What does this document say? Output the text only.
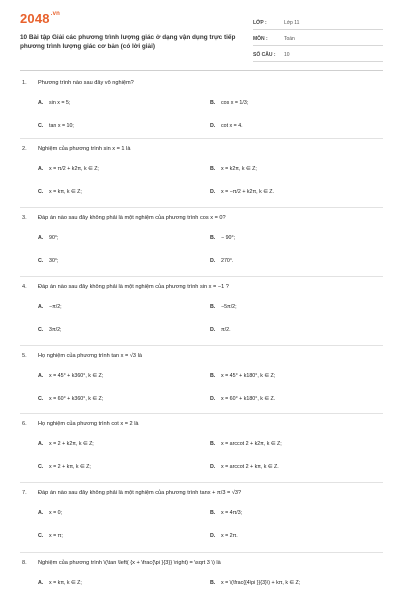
$2048^{.vn}$
10 Bài tập Giải các phương trình lượng giác ở dạng vận dụng trực tiếp phương trình lượng giác cơ bản (có lời giải)
LỚP :	Lớp 11
MÔN :	Toán
SỐ CÂU : 10
1. Phương trình nào sau đây vô nghiệm?
A. sin x = 5;	B. cos x = 1/3;
C. tan x = 10;	D. cot x = 4.
2. Nghiệm của phương trình sin x = 1 là
A. x = π/2 + k2π, k ∈ Z;	B. x = k2π, k ∈ Z;
C. x = kπ, k ∈ Z;	D. x = −π/2 + k2π, k ∈ Z.
3. Đáp án nào sau đây không phải là một nghiệm của phương trình cos x = 0?
A. 90°;	B. − 90°;
C. 30°;	D. 270°.
4. Đáp án nào sau đây không phải là một nghiệm của phương trình sin x = −1 ?
A. −π/2;	B. −5π/2;
C. 3π/2;	D. π/2.
5. Họ nghiệm của phương trình tan x = √3 là
A. x = 45° + k360°, k ∈ Z;	B. x = 45° + k180°, k ∈ Z;
C. x = 60° + k360°, k ∈ Z;	D. x = 60° + k180°, k ∈ Z.
6. Họ nghiệm của phương trình cot x = 2 là
A. x = 2 + k2π, k ∈ Z;	B. x = arccot 2 + k2π, k ∈ Z;
C. x = 2 + kπ, k ∈ Z;	D. x = arccot 2 + kπ, k ∈ Z.
7. Đáp án nào sau đây không phải là một nghiệm của phương trình tanx + π/3 = √3?
A. x = 0;	B. x = 4π/3;
C. x = π;	D. x = 2π.
8. Nghiệm của phương trình \(\tan \left( {x + \frac{\pi }{3}} \right) = \sqrt 3 \) là
A. x = kπ, k ∈ Z;	B. x = \(\frac{{4\pi }}{3}\) + kπ, k ∈ Z;
